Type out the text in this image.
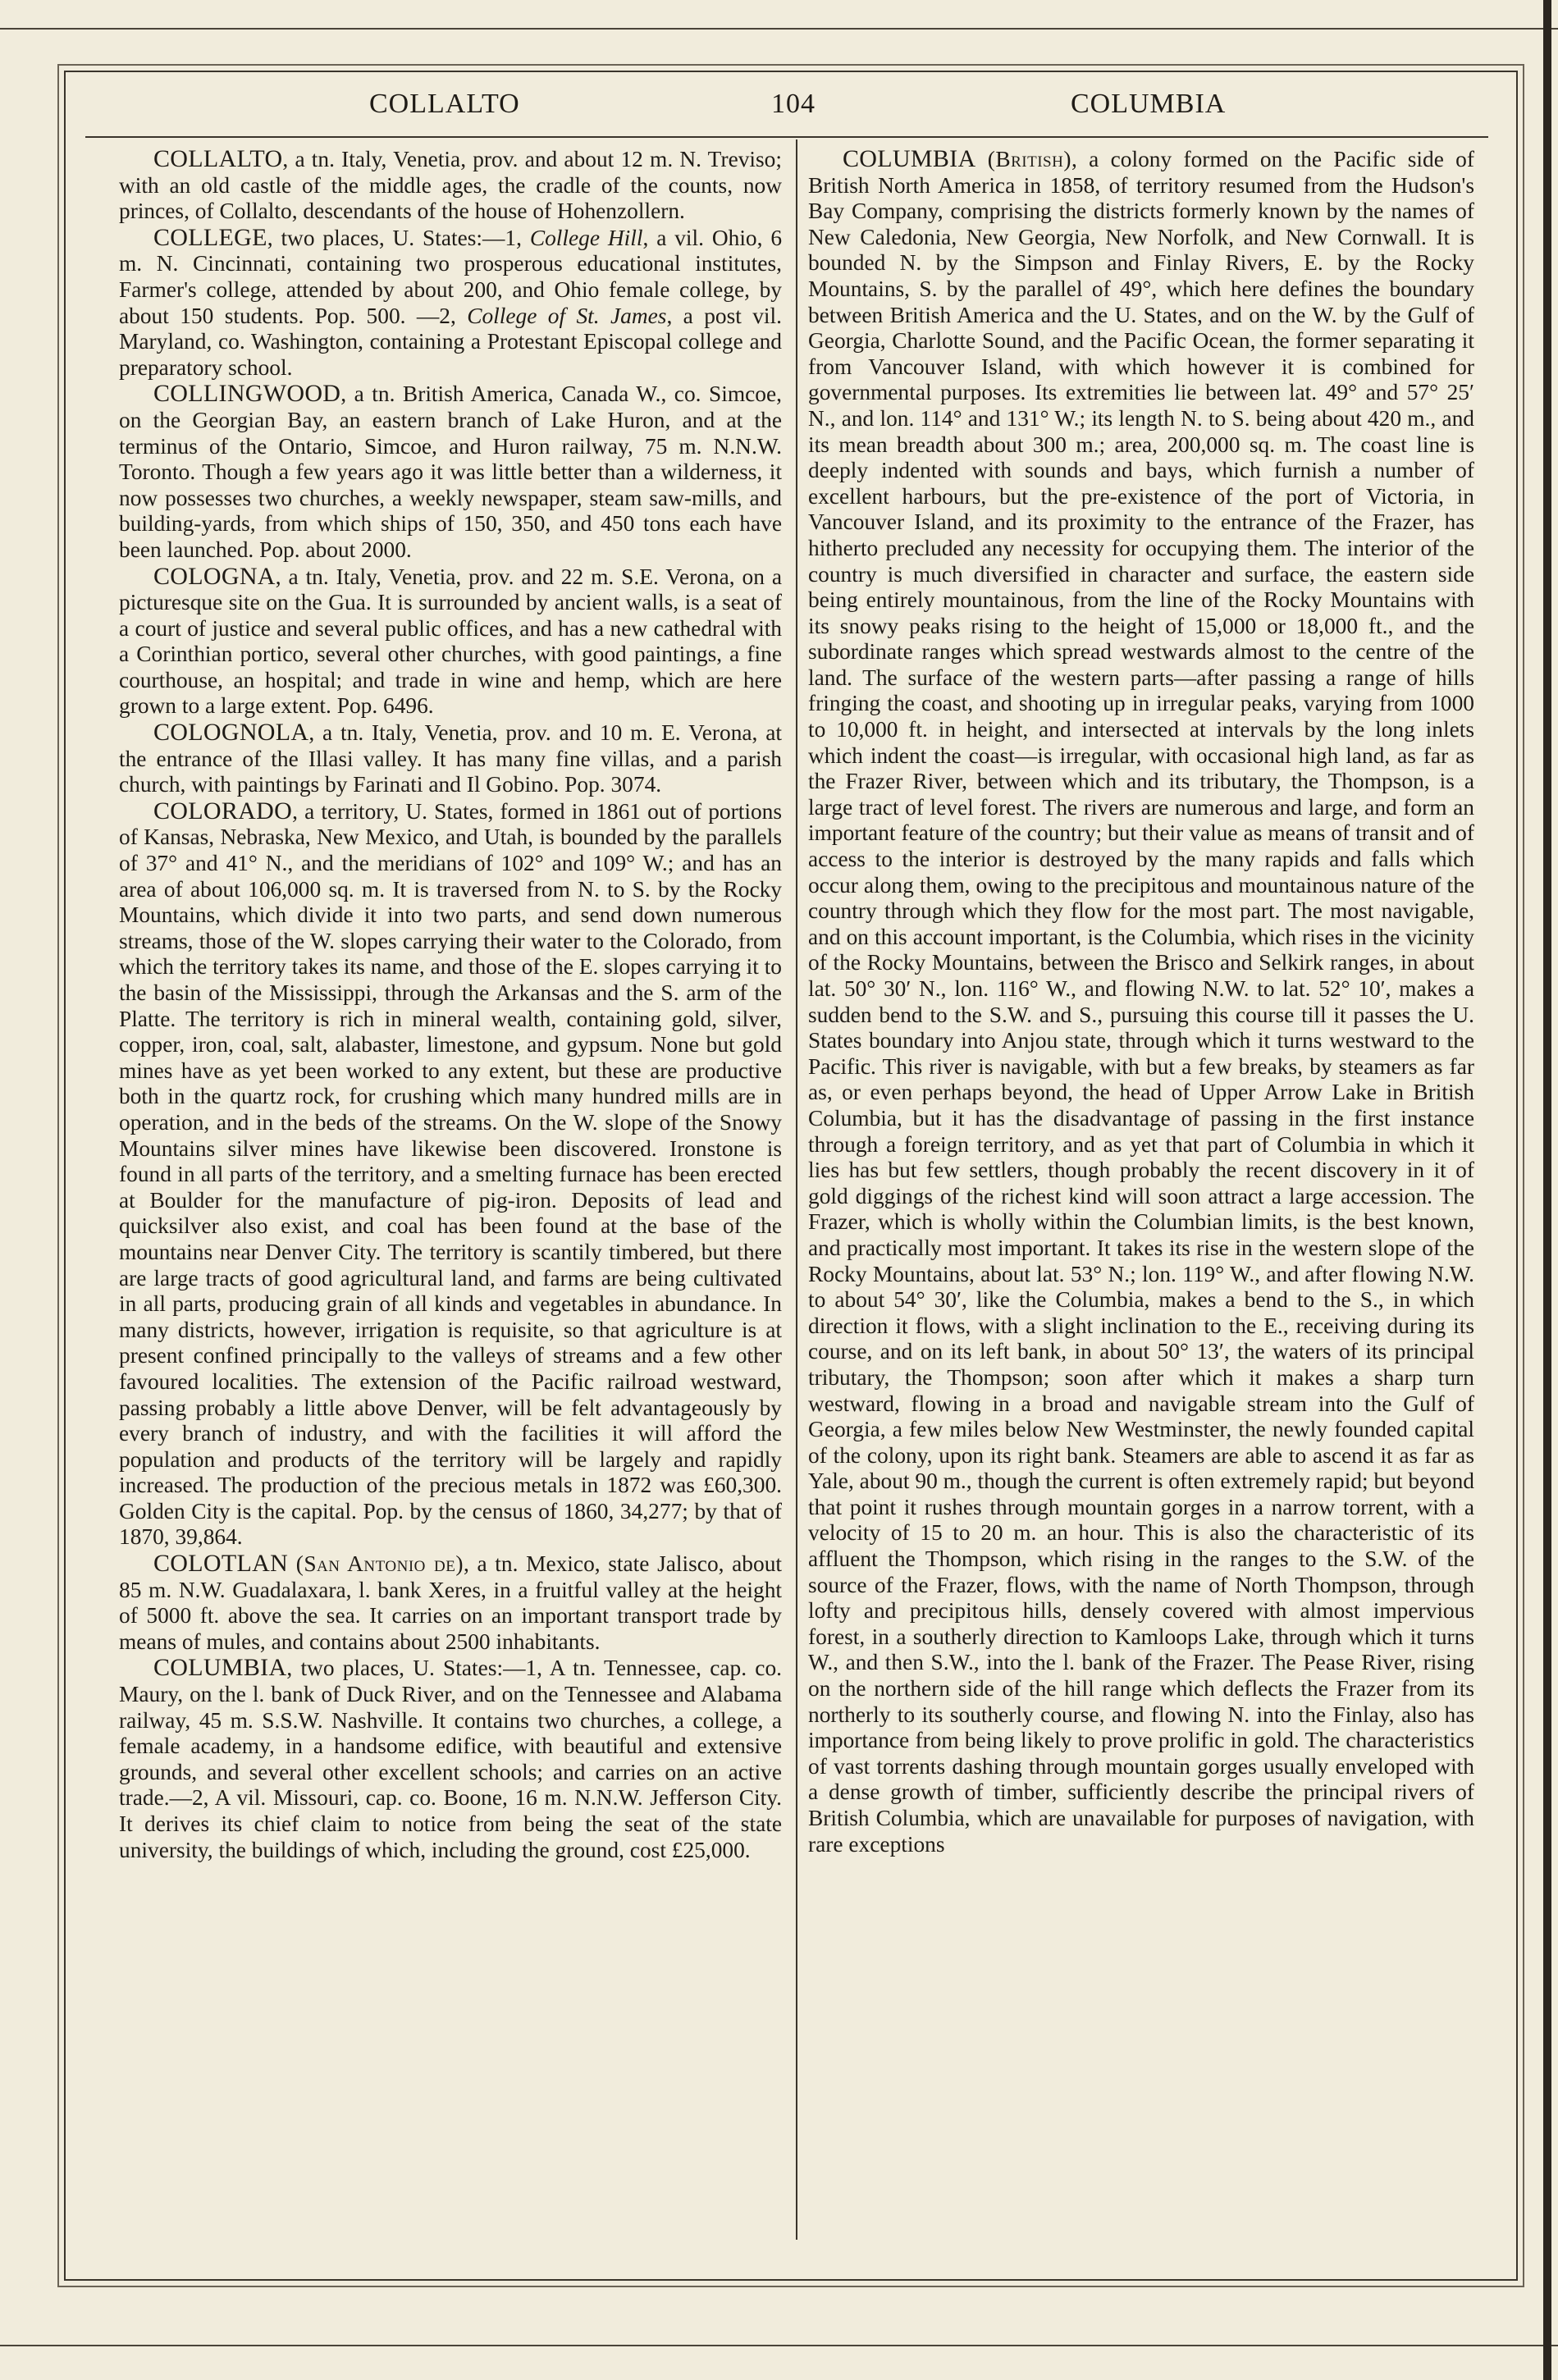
COLLALTO	104	COLUMBIA

COLLALTO, a tn. Italy, Venetia, prov. and about 12 m. N. Treviso; with an old castle of the middle ages, the cradle of the counts, now princes, of Collalto, descendants of the house of Hohenzollern.

COLLEGE, two places, U. States:—1, College Hill, a vil. Ohio, 6 m. N. Cincinnati, containing two prosperous educational institutes, Farmer's college, attended by about 200, and Ohio female college, by about 150 students. Pop. 500. —2, College of St. James, a post vil. Maryland, co. Washington, containing a Protestant Episcopal college and preparatory school.

COLLINGWOOD, a tn. British America, Canada W., co. Simcoe, on the Georgian Bay, an eastern branch of Lake Huron, and at the terminus of the Ontario, Simcoe, and Huron railway, 75 m. N.N.W. Toronto. Though a few years ago it was little better than a wilderness, it now possesses two churches, a weekly newspaper, steam saw-mills, and building-yards, from which ships of 150, 350, and 450 tons each have been launched. Pop. about 2000.

COLOGNA, a tn. Italy, Venetia, prov. and 22 m. S.E. Verona, on a picturesque site on the Gua. It is surrounded by ancient walls, is a seat of a court of justice and several public offices, and has a new cathedral with a Corinthian portico, several other churches, with good paintings, a fine courthouse, an hospital; and trade in wine and hemp, which are here grown to a large extent. Pop. 6496.

COLOGNOLA, a tn. Italy, Venetia, prov. and 10 m. E. Verona, at the entrance of the Illasi valley. It has many fine villas, and a parish church, with paintings by Farinati and Il Gobino. Pop. 3074.

COLORADO, a territory, U. States, formed in 1861 out of portions of Kansas, Nebraska, New Mexico, and Utah, is bounded by the parallels of 37° and 41° N., and the meridians of 102° and 109° W.; and has an area of about 106,000 sq. m. It is traversed from N. to S. by the Rocky Mountains, which divide it into two parts, and send down numerous streams, those of the W. slopes carrying their water to the Colorado, from which the territory takes its name, and those of the E. slopes carrying it to the basin of the Mississippi, through the Arkansas and the S. arm of the Platte. The territory is rich in mineral wealth, containing gold, silver, copper, iron, coal, salt, alabaster, limestone, and gypsum. None but gold mines have as yet been worked to any extent, but these are productive both in the quartz rock, for crushing which many hundred mills are in operation, and in the beds of the streams. On the W. slope of the Snowy Mountains silver mines have likewise been discovered. Ironstone is found in all parts of the territory, and a smelting furnace has been erected at Boulder for the manufacture of pig-iron. Deposits of lead and quicksilver also exist, and coal has been found at the base of the mountains near Denver City. The territory is scantily timbered, but there are large tracts of good agricultural land, and farms are being cultivated in all parts, producing grain of all kinds and vegetables in abundance. In many districts, however, irrigation is requisite, so that agriculture is at present confined principally to the valleys of streams and a few other favoured localities. The extension of the Pacific railroad westward, passing probably a little above Denver, will be felt advantageously by every branch of industry, and with the facilities it will afford the population and products of the territory will be largely and rapidly increased. The production of the precious metals in 1872 was £60,300. Golden City is the capital. Pop. by the census of 1860, 34,277; by that of 1870, 39,864.

COLOTLAN (San Antonio de), a tn. Mexico, state Jalisco, about 85 m. N.W. Guadalaxara, l. bank Xeres, in a fruitful valley at the height of 5000 ft. above the sea. It carries on an important transport trade by means of mules, and contains about 2500 inhabitants.

COLUMBIA, two places, U. States:—1, A tn. Tennessee, cap. co. Maury, on the l. bank of Duck River, and on the Tennessee and Alabama railway, 45 m. S.S.W. Nashville. It contains two churches, a college, a female academy, in a handsome edifice, with beautiful and extensive grounds, and several other excellent schools; and carries on an active trade.—2, A vil. Missouri, cap. co. Boone, 16 m. N.N.W. Jefferson City. It derives its chief claim to notice from being the seat of the state university, the buildings of which, including the ground, cost £25,000.

COLUMBIA (British), a colony formed on the Pacific side of British North America in 1858, of territory resumed from the Hudson's Bay Company, comprising the districts formerly known by the names of New Caledonia, New Georgia, New Norfolk, and New Cornwall. It is bounded N. by the Simpson and Finlay Rivers, E. by the Rocky Mountains, S. by the parallel of 49°, which here defines the boundary between British America and the U. States, and on the W. by the Gulf of Georgia, Charlotte Sound, and the Pacific Ocean, the former separating it from Vancouver Island, with which however it is combined for governmental purposes. Its extremities lie between lat. 49° and 57° 25′ N., and lon. 114° and 131° W.; its length N. to S. being about 420 m., and its mean breadth about 300 m.; area, 200,000 sq. m. The coast line is deeply indented with sounds and bays, which furnish a number of excellent harbours, but the pre-existence of the port of Victoria, in Vancouver Island, and its proximity to the entrance of the Frazer, has hitherto precluded any necessity for occupying them. The interior of the country is much diversified in character and surface, the eastern side being entirely mountainous, from the line of the Rocky Mountains with its snowy peaks rising to the height of 15,000 or 18,000 ft., and the subordinate ranges which spread westwards almost to the centre of the land. The surface of the western parts—after passing a range of hills fringing the coast, and shooting up in irregular peaks, varying from 1000 to 10,000 ft. in height, and intersected at intervals by the long inlets which indent the coast—is irregular, with occasional high land, as far as the Frazer River, between which and its tributary, the Thompson, is a large tract of level forest. The rivers are numerous and large, and form an important feature of the country; but their value as means of transit and of access to the interior is destroyed by the many rapids and falls which occur along them, owing to the precipitous and mountainous nature of the country through which they flow for the most part. The most navigable, and on this account important, is the Columbia, which rises in the vicinity of the Rocky Mountains, between the Brisco and Selkirk ranges, in about lat. 50° 30′ N., lon. 116° W., and flowing N.W. to lat. 52° 10′, makes a sudden bend to the S.W. and S., pursuing this course till it passes the U. States boundary into Anjou state, through which it turns westward to the Pacific. This river is navigable, with but a few breaks, by steamers as far as, or even perhaps beyond, the head of Upper Arrow Lake in British Columbia, but it has the disadvantage of passing in the first instance through a foreign territory, and as yet that part of Columbia in which it lies has but few settlers, though probably the recent discovery in it of gold diggings of the richest kind will soon attract a large accession. The Frazer, which is wholly within the Columbian limits, is the best known, and practically most important. It takes its rise in the western slope of the Rocky Mountains, about lat. 53° N.; lon. 119° W., and after flowing N.W. to about 54° 30′, like the Columbia, makes a bend to the S., in which direction it flows, with a slight inclination to the E., receiving during its course, and on its left bank, in about 50° 13′, the waters of its principal tributary, the Thompson; soon after which it makes a sharp turn westward, flowing in a broad and navigable stream into the Gulf of Georgia, a few miles below New Westminster, the newly founded capital of the colony, upon its right bank. Steamers are able to ascend it as far as Yale, about 90 m., though the current is often extremely rapid; but beyond that point it rushes through mountain gorges in a narrow torrent, with a velocity of 15 to 20 m. an hour. This is also the characteristic of its affluent the Thompson, which rising in the ranges to the S.W. of the source of the Frazer, flows, with the name of North Thompson, through lofty and precipitous hills, densely covered with almost impervious forest, in a southerly direction to Kamloops Lake, through which it turns W., and then S.W., into the l. bank of the Frazer. The Pease River, rising on the northern side of the hill range which deflects the Frazer from its northerly to its southerly course, and flowing N. into the Finlay, also has importance from being likely to prove prolific in gold. The characteristics of vast torrents dashing through mountain gorges usually enveloped with a dense growth of timber, sufficiently describe the principal rivers of British Columbia, which are unavailable for purposes of navigation, with rare exceptions
